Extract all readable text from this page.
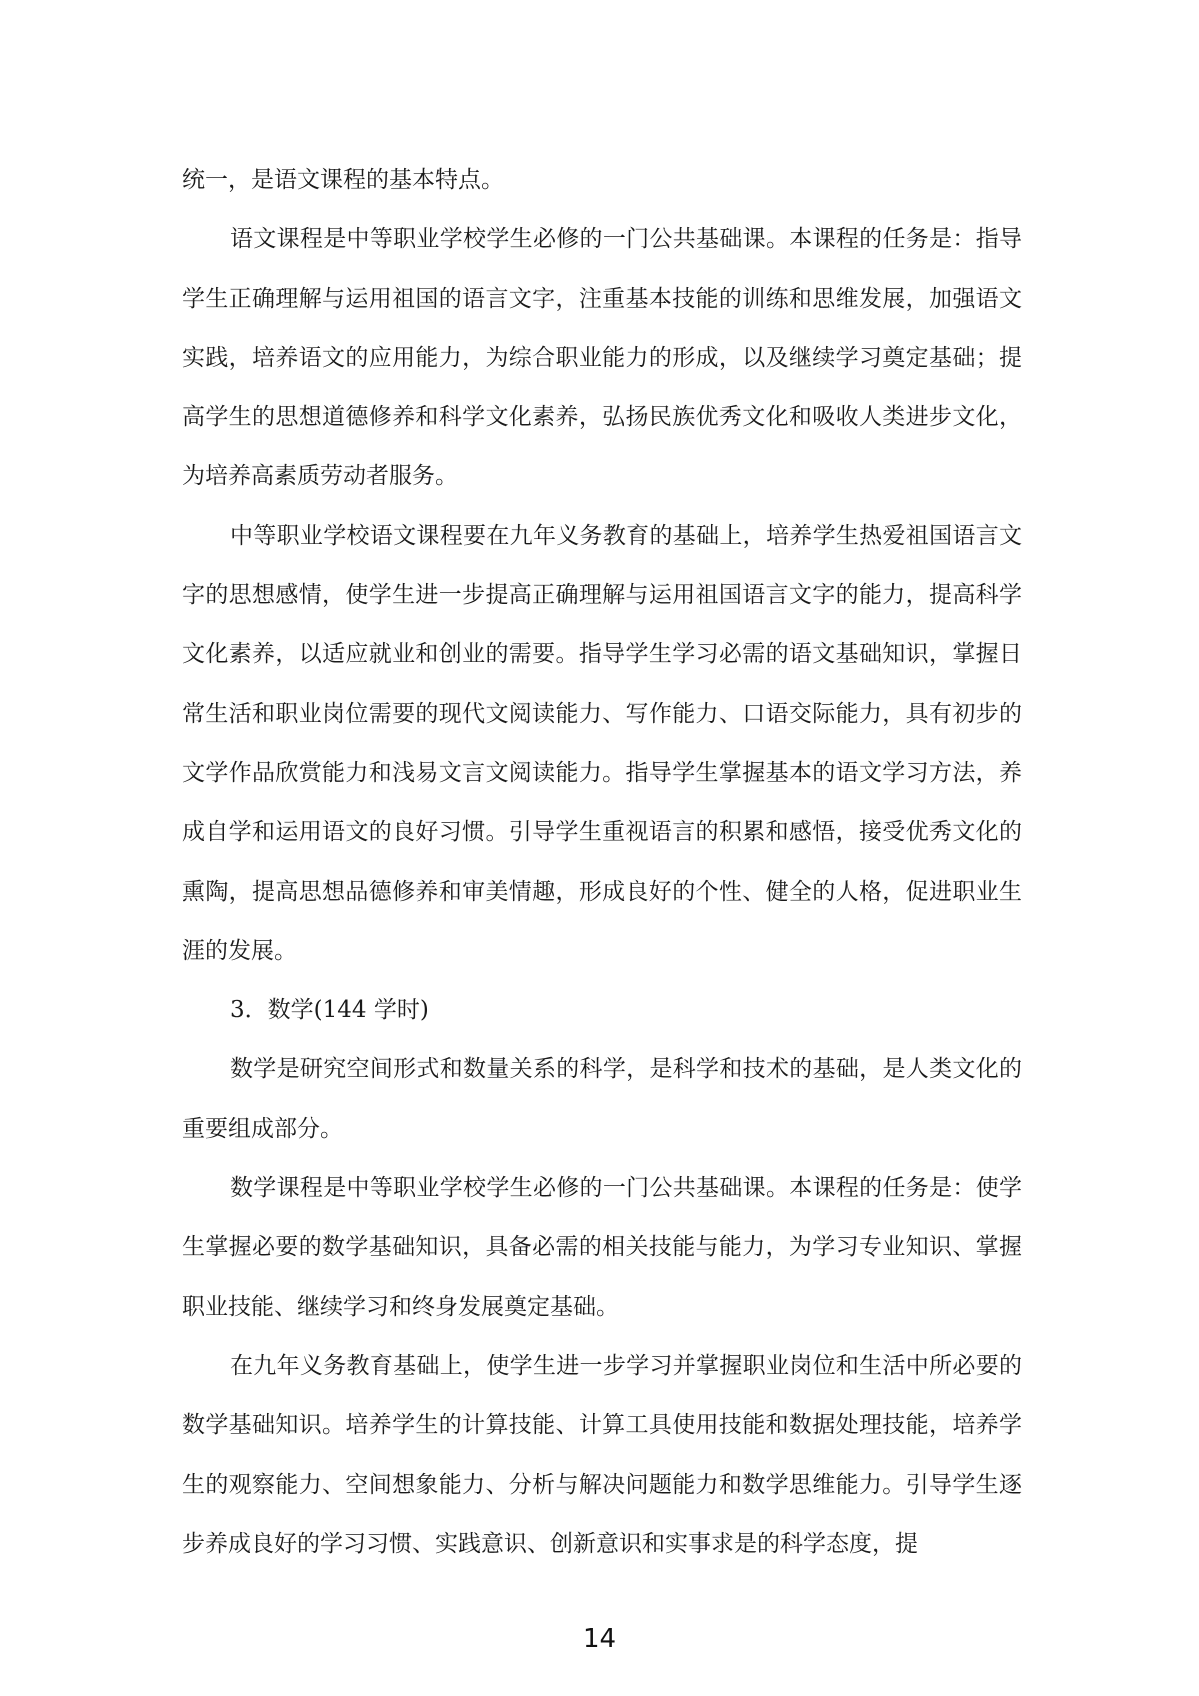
统一，是语文课程的基本特点。

语文课程是中等职业学校学生必修的一门公共基础课。本课程的任务是：指导学生正确理解与运用祖国的语言文字，注重基本技能的训练和思维发展，加强语文实践，培养语文的应用能力，为综合职业能力的形成，以及继续学习奠定基础；提高学生的思想道德修养和科学文化素养，弘扬民族优秀文化和吸收人类进步文化，为培养高素质劳动者服务。

中等职业学校语文课程要在九年义务教育的基础上，培养学生热爱祖国语言文字的思想感情，使学生进一步提高正确理解与运用祖国语言文字的能力，提高科学文化素养，以适应就业和创业的需要。指导学生学习必需的语文基础知识，掌握日常生活和职业岗位需要的现代文阅读能力、写作能力、口语交际能力，具有初步的文学作品欣赏能力和浅易文言文阅读能力。指导学生掌握基本的语文学习方法，养成自学和运用语文的良好习惯。引导学生重视语言的积累和感悟，接受优秀文化的熏陶，提高思想品德修养和审美情趣，形成良好的个性、健全的人格，促进职业生涯的发展。

3．数学(144 学时)

数学是研究空间形式和数量关系的科学，是科学和技术的基础，是人类文化的重要组成部分。

数学课程是中等职业学校学生必修的一门公共基础课。本课程的任务是：使学生掌握必要的数学基础知识，具备必需的相关技能与能力，为学习专业知识、掌握职业技能、继续学习和终身发展奠定基础。

在九年义务教育基础上，使学生进一步学习并掌握职业岗位和生活中所必要的数学基础知识。培养学生的计算技能、计算工具使用技能和数据处理技能，培养学生的观察能力、空间想象能力、分析与解决问题能力和数学思维能力。引导学生逐步养成良好的学习习惯、实践意识、创新意识和实事求是的科学态度，提

14
